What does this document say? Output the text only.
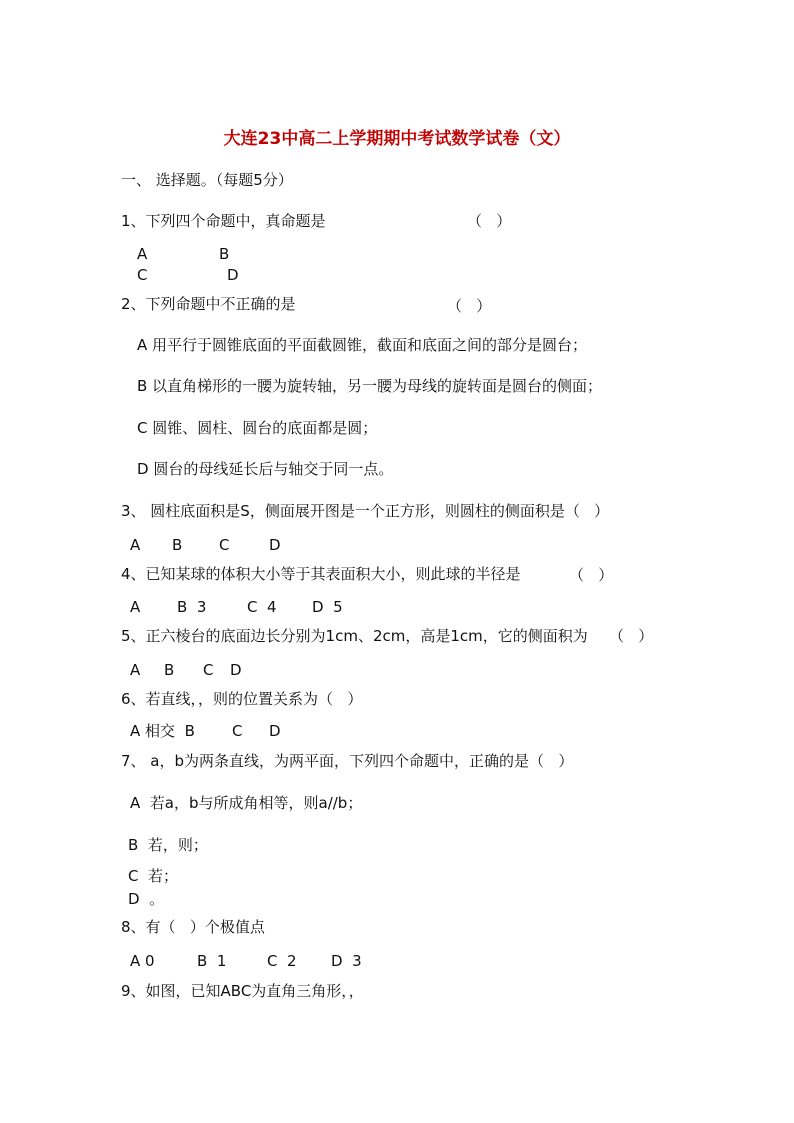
大连23中高二上学期期中考试数学试卷（文）
一、 选择题。（每题5分）
1、下列四个命题中，真命题是	（   ）
A	B
C	D
2、下列命题中不正确的是	（   ）
A 用平行于圆锥底面的平面截圆锥，截面和底面之间的部分是圆台；
B 以直角梯形的一腰为旋转轴，另一腰为母线的旋转面是圆台的侧面；
C 圆锥、圆柱、圆台的底面都是圆；
D 圆台的母线延长后与轴交于同一点。
3、 圆柱底面积是S，侧面展开图是一个正方形，则圆柱的侧面积是（   ）
A B C	D
4、已知某球的体积大小等于其表面积大小，则此球的半径是	（   ）
A B  3	C  4 D  5
5、正六棱台的底面边长分别为1cm、2cm，高是1cm，它的侧面积为 （   ）
A B C D
6、若直线，，则的位置关系为（   ）
A 相交  B C D
7、 a，b为两条直线，为两平面，下列四个命题中，正确的是（   ）
A  若a，b与所成角相等，则a//b；
B  若，则；
C  若；
D  。
8、有（   ）个极值点
A 0	B  1	C  2 D  3
9、如图，已知ABC为直角三角形，，
